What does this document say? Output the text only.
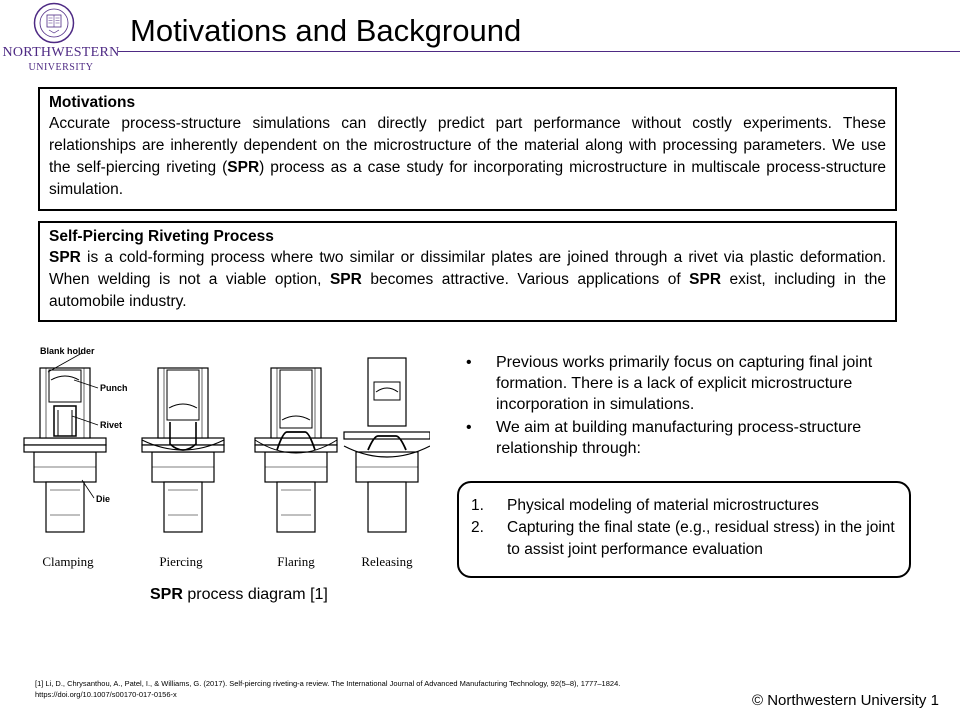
NORTHWESTERN
UNIVERSITY
Motivations and Background
Motivations

Accurate process-structure simulations can directly predict part performance without costly experiments. These relationships are inherently dependent on the microstructure of the material along with processing parameters. We use the self-piercing riveting (SPR) process as a case study for incorporating microstructure in multiscale process-structure simulation.

Self-Piercing Riveting Process

SPR is a cold-forming process where two similar or dissimilar plates are joined through a rivet via plastic deformation. When welding is not a viable option, SPR becomes attractive. Various applications of SPR exist, including in the automobile industry.

Blank holder
Punch
Rivet
Die
Clamping	Piercing	Flaring	Releasing
SPR process diagram [1]
• Previous works primarily focus on capturing final joint formation. There is a lack of explicit microstructure incorporation in simulations.
• We aim at building manufacturing process-structure relationship through:
1. Physical modeling of material microstructures
2. Capturing the final state (e.g., residual stress) in the joint to assist joint performance evaluation
[1] Li, D., Chrysanthou, A., Patel, I., & Williams, G. (2017). Self-piercing riveting-a review. The International Journal of Advanced Manufacturing Technology, 92(5–8), 1777–1824.
https://doi.org/10.1007/s00170-017-0156-x	© Northwestern University 1
